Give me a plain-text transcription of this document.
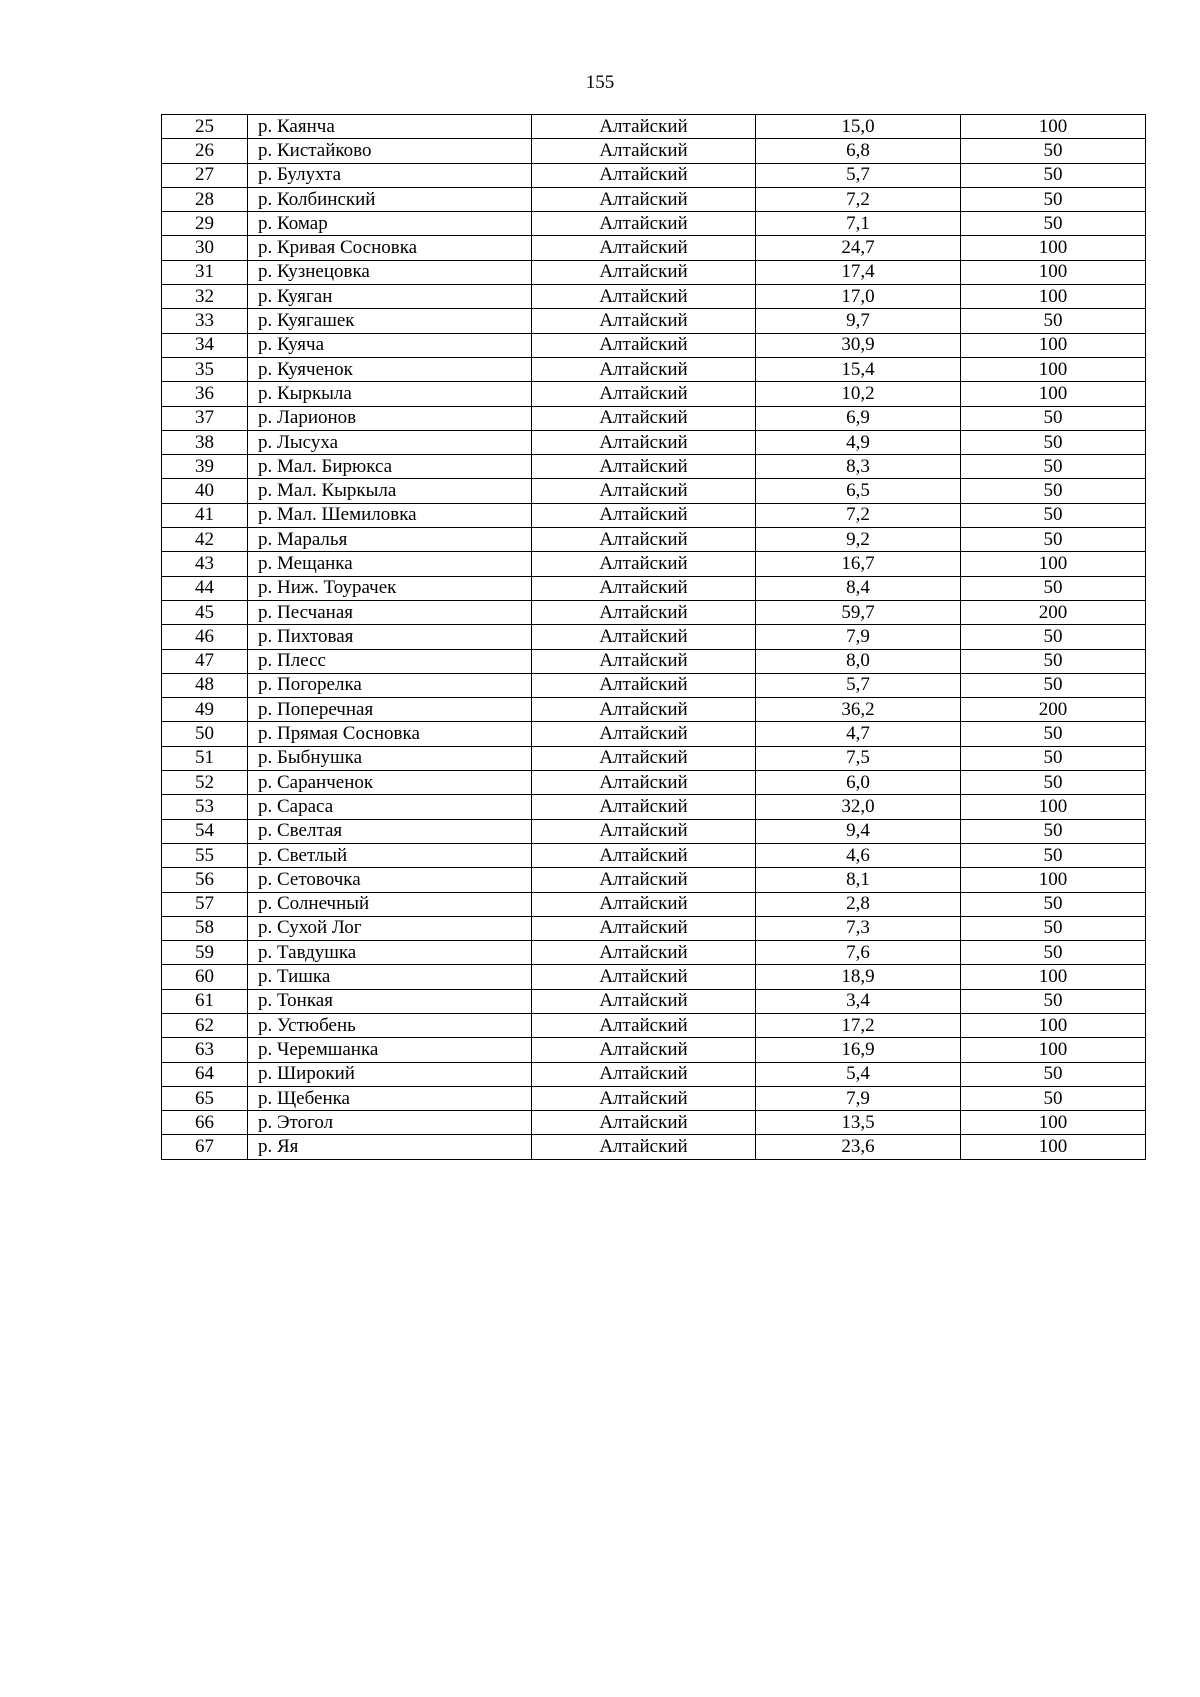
155
25	р. Каянча	Алтайский	15,0	100
26	р. Кистайково	Алтайский	6,8	50
27	р. Булухта	Алтайский	5,7	50
28	р. Колбинский	Алтайский	7,2	50
29	р. Комар	Алтайский	7,1	50
30	р. Кривая Сосновка	Алтайский	24,7	100
31	р. Кузнецовка	Алтайский	17,4	100
32	р. Куяган	Алтайский	17,0	100
33	р. Куягашек	Алтайский	9,7	50
34	р. Куяча	Алтайский	30,9	100
35	р. Куяченок	Алтайский	15,4	100
36	р. Кыркыла	Алтайский	10,2	100
37	р. Ларионов	Алтайский	6,9	50
38	р. Лысуха	Алтайский	4,9	50
39	р. Мал. Бирюкса	Алтайский	8,3	50
40	р. Мал. Кыркыла	Алтайский	6,5	50
41	р. Мал. Шемиловка	Алтайский	7,2	50
42	р. Маралья	Алтайский	9,2	50
43	р. Мещанка	Алтайский	16,7	100
44	р. Ниж. Тоурачек	Алтайский	8,4	50
45	р. Песчаная	Алтайский	59,7	200
46	р. Пихтовая	Алтайский	7,9	50
47	р. Плесс	Алтайский	8,0	50
48	р. Погорелка	Алтайский	5,7	50
49	р. Поперечная	Алтайский	36,2	200
50	р. Прямая Сосновка	Алтайский	4,7	50
51	р. Быбнушка	Алтайский	7,5	50
52	р. Саранченок	Алтайский	6,0	50
53	р. Сараса	Алтайский	32,0	100
54	р. Свелтая	Алтайский	9,4	50
55	р. Светлый	Алтайский	4,6	50
56	р. Сетовочка	Алтайский	8,1	100
57	р. Солнечный	Алтайский	2,8	50
58	р. Сухой Лог	Алтайский	7,3	50
59	р. Тавдушка	Алтайский	7,6	50
60	р. Тишка	Алтайский	18,9	100
61	р. Тонкая	Алтайский	3,4	50
62	р. Устюбень	Алтайский	17,2	100
63	р. Черемшанка	Алтайский	16,9	100
64	р. Широкий	Алтайский	5,4	50
65	р. Щебенка	Алтайский	7,9	50
66	р. Этогол	Алтайский	13,5	100
67	р. Яя	Алтайский	23,6	100
